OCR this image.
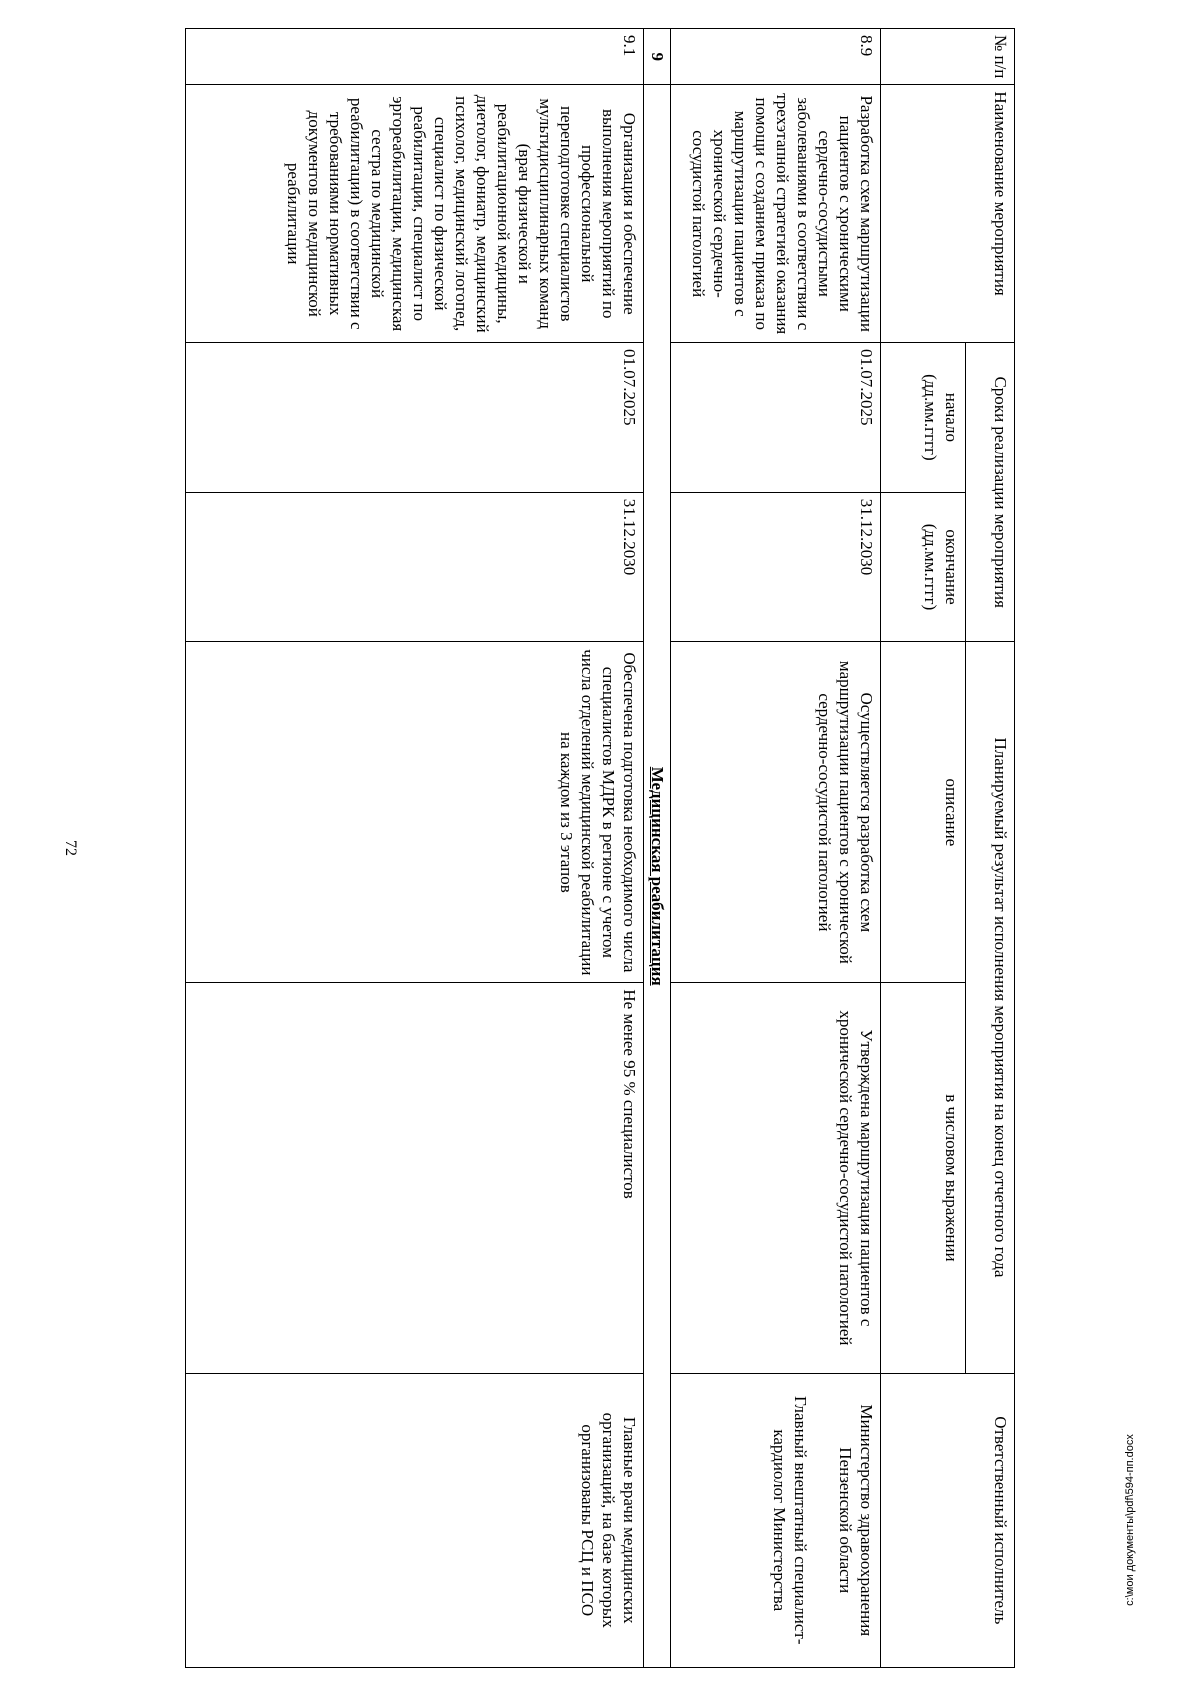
72
c:\мои документы\pdf\594-пп.docx
№ п/п	Наименование мероприятия	Сроки реализации мероприятия		Планируемый результат исполнения мероприятия на конец отчетного года		Ответственный исполнитель
		начало (дд.мм.гггг)	окончание (дд.мм.гггг)	описание	в числовом выражении	
8.9	Разработка схем маршрутизации пациентов с хроническими сердечно-сосудистыми заболеваниями в соответствии с трехэтапной стратегией оказания помощи с созданием приказа по маршрутизации пациентов с хронической сердечно-сосудистой патологией	01.07.2025	31.12.2030	Осуществляется разработка схем маршрутизации пациентов с хронической сердечно-сосудистой патологией	Утверждена маршрутизация пациентов с хронической сердечно-сосудистой патологией	Министерство здравоохранения Пензенской области
Главный внештатный специалист-кардиолог Министерства

9	Медицинская реабилитация					
9.1	Организация и обеспечение выполнения мероприятий по профессиональной переподготовке специалистов мультидисциплинарных команд (врач физической и реабилитационной медицины, диетолог, фониатр, медицинский психолог, медицинский логопед, специалист по физической реабилитации, специалист по эргореабилитации, медицинская сестра по медицинской реабилитации) в соответствии с требованиями нормативных документов по медицинской реабилитации	01.07.2025	31.12.2030	Обеспечена подготовка необходимого числа специалистов МДРК в регионе с учетом числа отделений медицинской реабилитации на каждом из 3 этапов	Не менее 95 % специалистов	Главные врачи медицинских организаций, на базе которых организованы РСЦ и ПСО
